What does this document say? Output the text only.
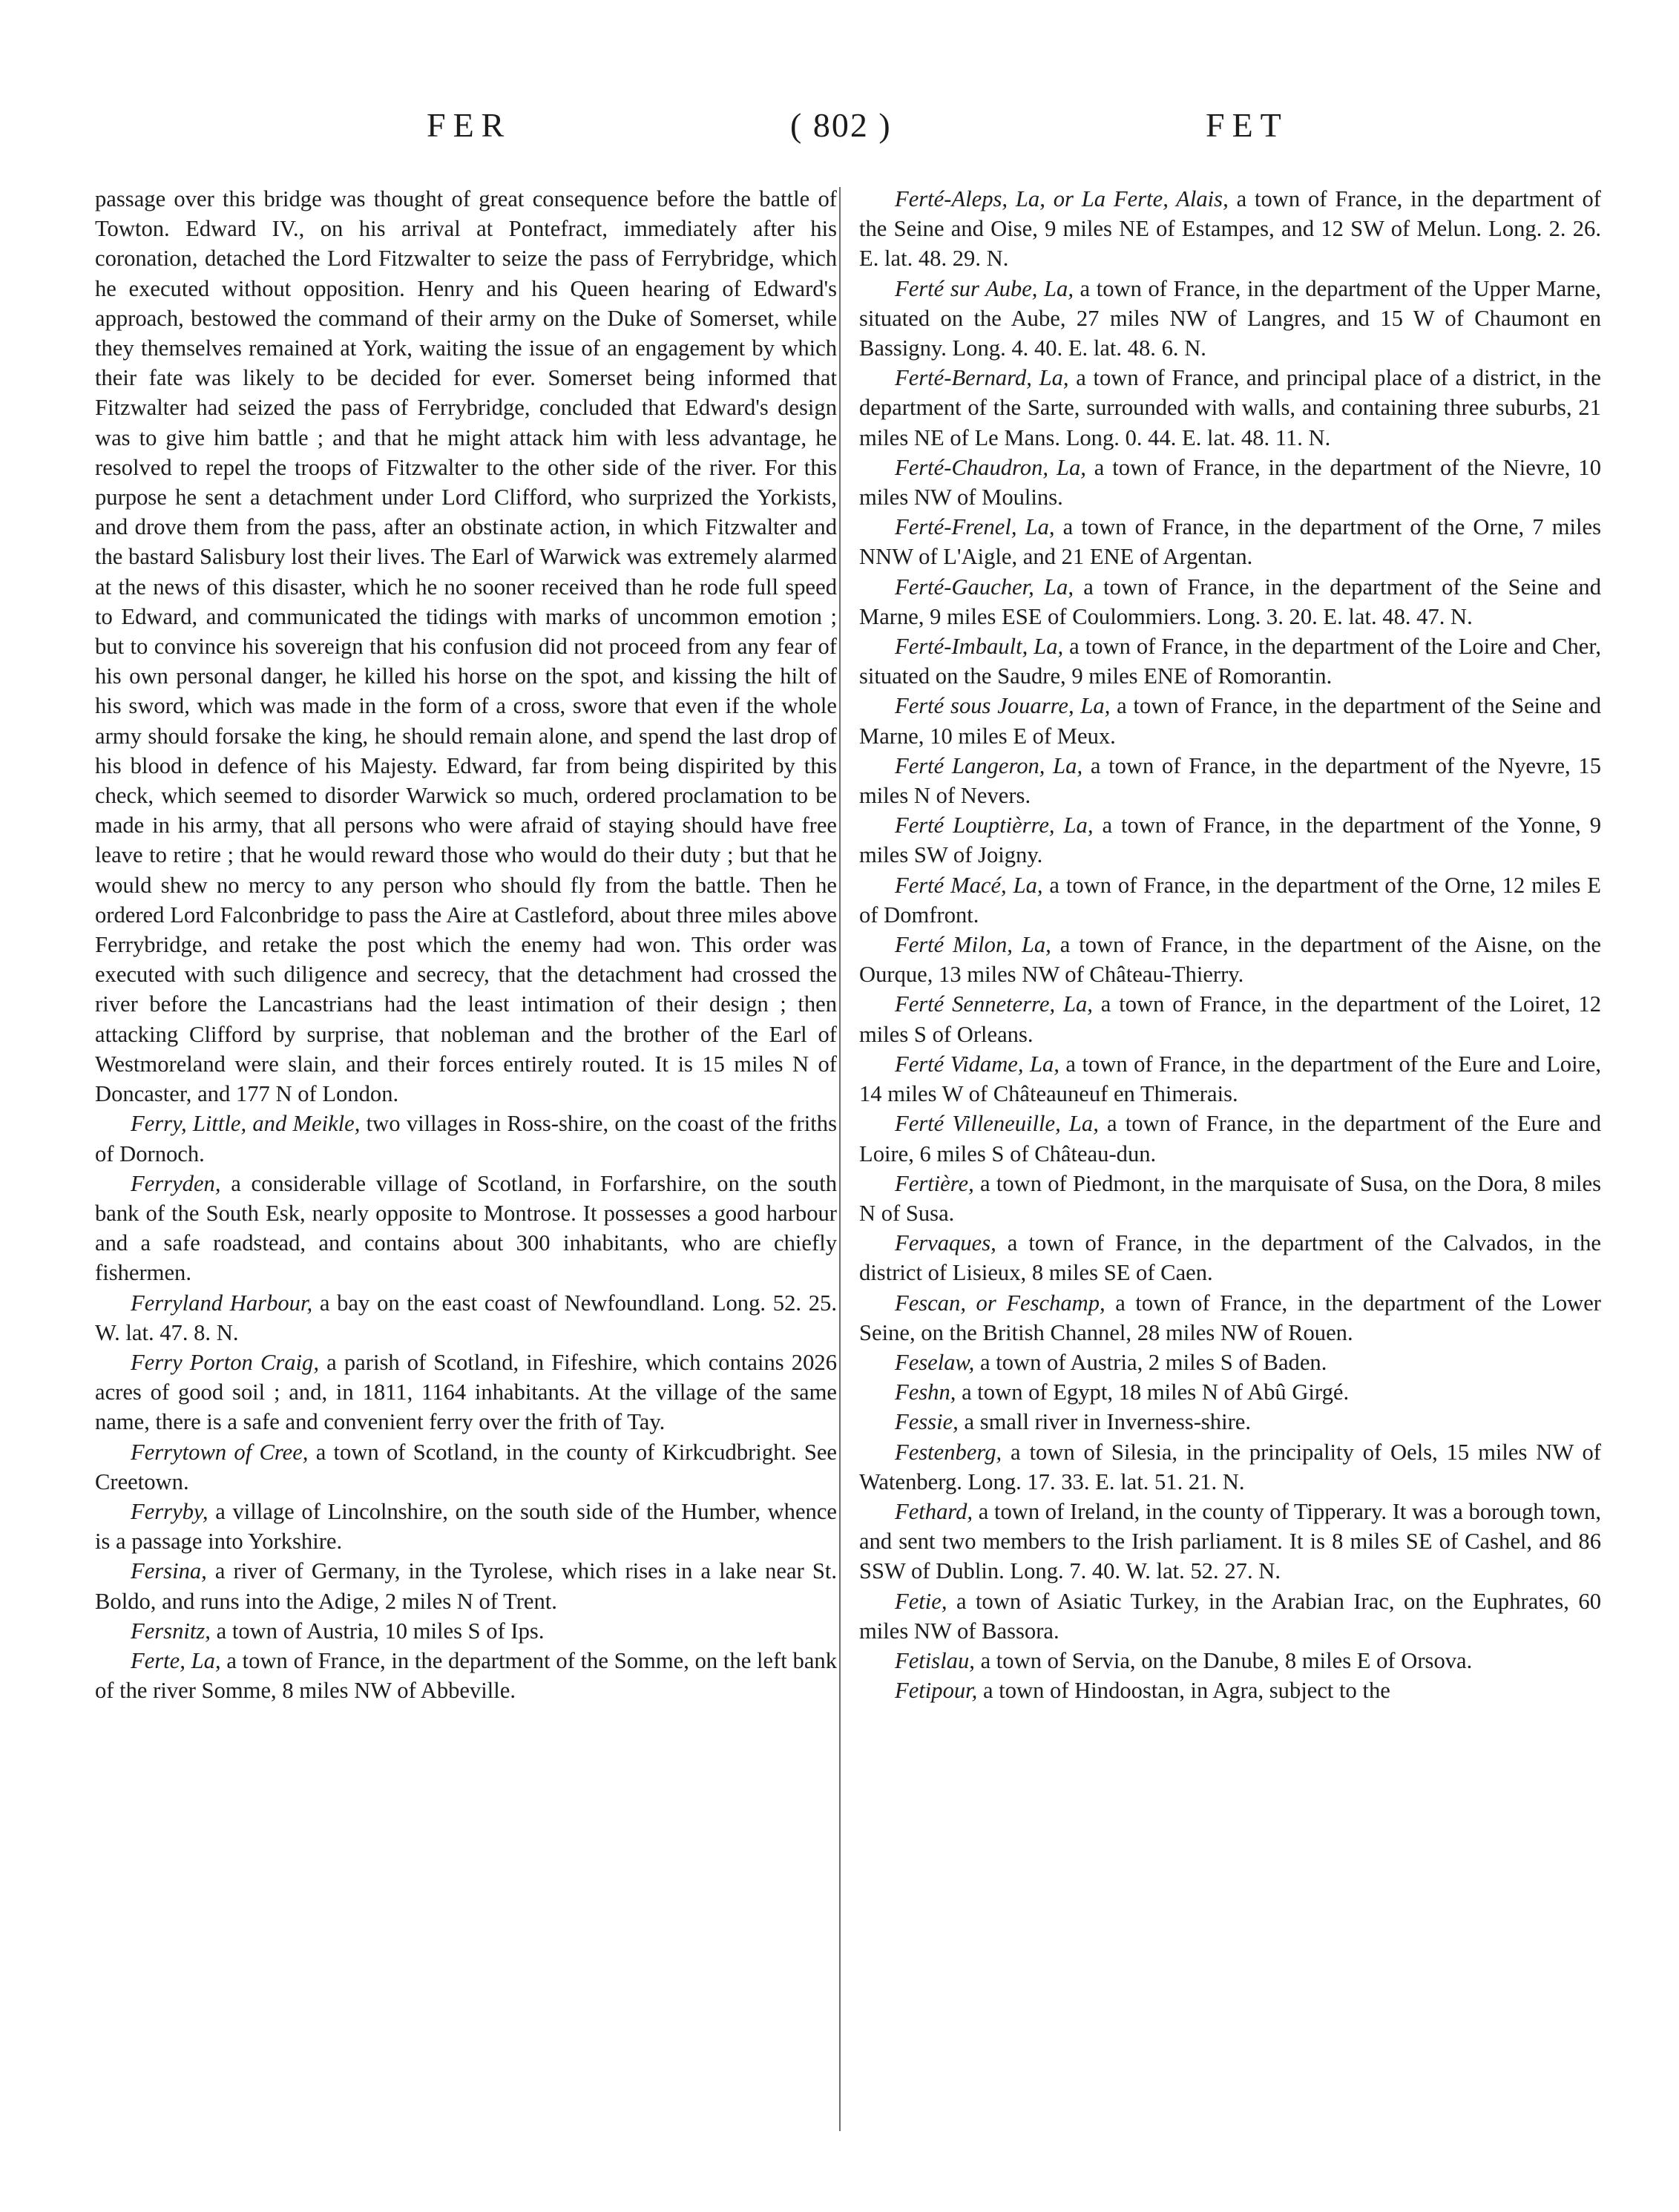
FER	( 802 )	FET

passage over this bridge was thought of great consequence before the battle of Towton. Edward IV., on his arrival at Pontefract, immediately after his coronation, detached the Lord Fitzwalter to seize the pass of Ferrybridge, which he executed without opposition. Henry and his Queen hearing of Edward's approach, bestowed the command of their army on the Duke of Somerset, while they themselves remained at York, waiting the issue of an engagement by which their fate was likely to be decided for ever. Somerset being informed that Fitzwalter had seized the pass of Ferrybridge, concluded that Edward's design was to give him battle ; and that he might attack him with less advantage, he resolved to repel the troops of Fitzwalter to the other side of the river. For this purpose he sent a detachment under Lord Clifford, who surprized the Yorkists, and drove them from the pass, after an obstinate action, in which Fitzwalter and the bastard Salisbury lost their lives. The Earl of Warwick was extremely alarmed at the news of this disaster, which he no sooner received than he rode full speed to Edward, and communicated the tidings with marks of uncommon emotion ; but to convince his sovereign that his confusion did not proceed from any fear of his own personal danger, he killed his horse on the spot, and kissing the hilt of his sword, which was made in the form of a cross, swore that even if the whole army should forsake the king, he should remain alone, and spend the last drop of his blood in defence of his Majesty. Edward, far from being dispirited by this check, which seemed to disorder Warwick so much, ordered proclamation to be made in his army, that all persons who were afraid of staying should have free leave to retire ; that he would reward those who would do their duty ; but that he would shew no mercy to any person who should fly from the battle. Then he ordered Lord Falconbridge to pass the Aire at Castleford, about three miles above Ferrybridge, and retake the post which the enemy had won. This order was executed with such diligence and secrecy, that the detachment had crossed the river before the Lancastrians had the least intimation of their design ; then attacking Clifford by surprise, that nobleman and the brother of the Earl of Westmoreland were slain, and their forces entirely routed. It is 15 miles N of Doncaster, and 177 N of London.

Ferry, Little, and Meikle, two villages in Ross-shire, on the coast of the friths of Dornoch.

Ferryden, a considerable village of Scotland, in Forfarshire, on the south bank of the South Esk, nearly opposite to Montrose. It possesses a good harbour and a safe roadstead, and contains about 300 inhabitants, who are chiefly fishermen.

Ferryland Harbour, a bay on the east coast of Newfoundland. Long. 52. 25. W. lat. 47. 8. N.

Ferry Porton Craig, a parish of Scotland, in Fifeshire, which contains 2026 acres of good soil ; and, in 1811, 1164 inhabitants. At the village of the same name, there is a safe and convenient ferry over the frith of Tay.

Ferrytown of Cree, a town of Scotland, in the county of Kirkcudbright. See Creetown.

Ferryby, a village of Lincolnshire, on the south side of the Humber, whence is a passage into Yorkshire.

Fersina, a river of Germany, in the Tyrolese, which rises in a lake near St. Boldo, and runs into the Adige, 2 miles N of Trent.

Fersnitz, a town of Austria, 10 miles S of Ips.

Ferte, La, a town of France, in the department of the Somme, on the left bank of the river Somme, 8 miles NW of Abbeville.

Ferté-Aleps, La, or La Ferte, Alais, a town of France, in the department of the Seine and Oise, 9 miles NE of Estampes, and 12 SW of Melun. Long. 2. 26. E. lat. 48. 29. N.

Ferté sur Aube, La, a town of France, in the department of the Upper Marne, situated on the Aube, 27 miles NW of Langres, and 15 W of Chaumont en Bassigny. Long. 4. 40. E. lat. 48. 6. N.

Ferté-Bernard, La, a town of France, and principal place of a district, in the department of the Sarte, surrounded with walls, and containing three suburbs, 21 miles NE of Le Mans. Long. 0. 44. E. lat. 48. 11. N.

Ferté-Chaudron, La, a town of France, in the department of the Nievre, 10 miles NW of Moulins.

Ferté-Frenel, La, a town of France, in the department of the Orne, 7 miles NNW of L'Aigle, and 21 ENE of Argentan.

Ferté-Gaucher, La, a town of France, in the department of the Seine and Marne, 9 miles ESE of Coulommiers. Long. 3. 20. E. lat. 48. 47. N.

Ferté-Imbault, La, a town of France, in the department of the Loire and Cher, situated on the Saudre, 9 miles ENE of Romorantin.

Ferté sous Jouarre, La, a town of France, in the department of the Seine and Marne, 10 miles E of Meux.

Ferté Langeron, La, a town of France, in the department of the Nyevre, 15 miles N of Nevers.

Ferté Louptièrre, La, a town of France, in the department of the Yonne, 9 miles SW of Joigny.

Ferté Macé, La, a town of France, in the department of the Orne, 12 miles E of Domfront.

Ferté Milon, La, a town of France, in the department of the Aisne, on the Ourque, 13 miles NW of Château-Thierry.

Ferté Senneterre, La, a town of France, in the department of the Loiret, 12 miles S of Orleans.

Ferté Vidame, La, a town of France, in the department of the Eure and Loire, 14 miles W of Châteauneuf en Thimerais.

Ferté Villeneuille, La, a town of France, in the department of the Eure and Loire, 6 miles S of Château-dun.

Fertière, a town of Piedmont, in the marquisate of Susa, on the Dora, 8 miles N of Susa.

Fervaques, a town of France, in the department of the Calvados, in the district of Lisieux, 8 miles SE of Caen.

Fescan, or Feschamp, a town of France, in the department of the Lower Seine, on the British Channel, 28 miles NW of Rouen.

Feselaw, a town of Austria, 2 miles S of Baden.

Feshn, a town of Egypt, 18 miles N of Abû Girgé.

Fessie, a small river in Inverness-shire.

Festenberg, a town of Silesia, in the principality of Oels, 15 miles NW of Watenberg. Long. 17. 33. E. lat. 51. 21. N.

Fethard, a town of Ireland, in the county of Tipperary. It was a borough town, and sent two members to the Irish parliament. It is 8 miles SE of Cashel, and 86 SSW of Dublin. Long. 7. 40. W. lat. 52. 27. N.

Fetie, a town of Asiatic Turkey, in the Arabian Irac, on the Euphrates, 60 miles NW of Bassora.

Fetislau, a town of Servia, on the Danube, 8 miles E of Orsova.

Fetipour, a town of Hindoostan, in Agra, subject to the
